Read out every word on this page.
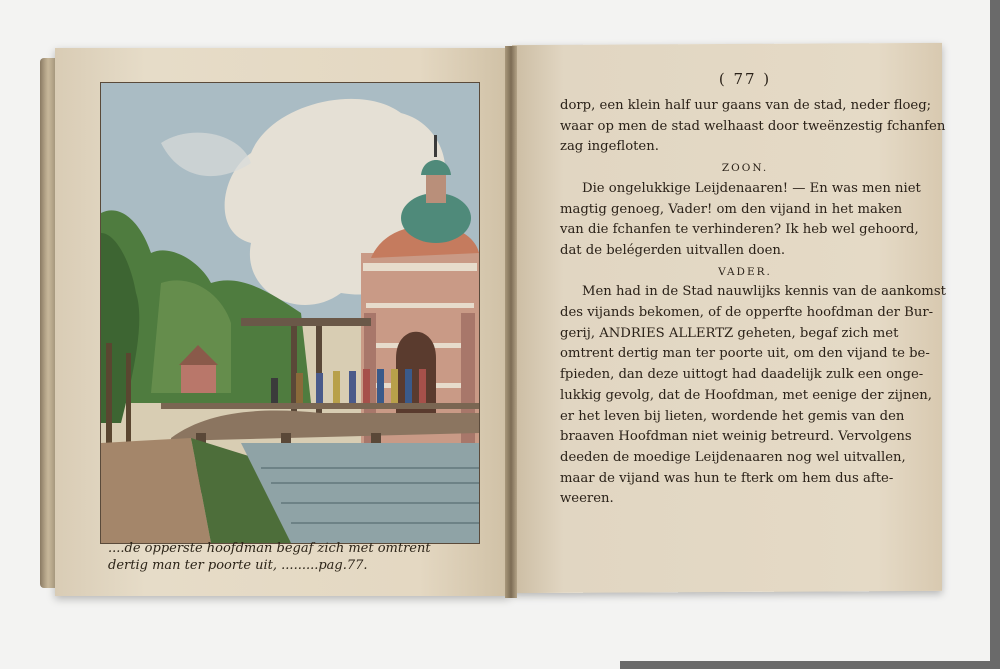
....de opperste hoofdman begaf zich met omtrent
dertig man ter poorte uit, .........pag.77.
( 77 )
dorp, een klein half uur gaans van de stad, neder floeg;
waar op men de stad welhaast door tweënzestig fchanfen
zag ingefloten.
ZOON.
Die ongelukkige Leijdenaaren! — En was men niet
magtig genoeg, Vader! om den vijand in het maken
van die fchanfen te verhinderen? Ik heb wel gehoord,
dat de belégerden uitvallen doen.
VADER.
Men had in de Stad nauwlijks kennis van de aankomst
des vijands bekomen, of de opperfte hoofdman der Bur-
gerij, ANDRIES ALLERTZ geheten, begaf zich met
omtrent dertig man ter poorte uit, om den vijand te be-
fpieden, dan deze uittogt had daadelijk zulk een onge-
lukkig gevolg, dat de Hoofdman, met eenige der zijnen,
er het leven bij lieten, wordende het gemis van den
braaven Hoofdman niet weinig betreurd. Vervolgens
deeden de moedige Leijdenaaren nog wel uitvallen,
maar de vijand was hun te fterk om hem dus afte-
weeren.
